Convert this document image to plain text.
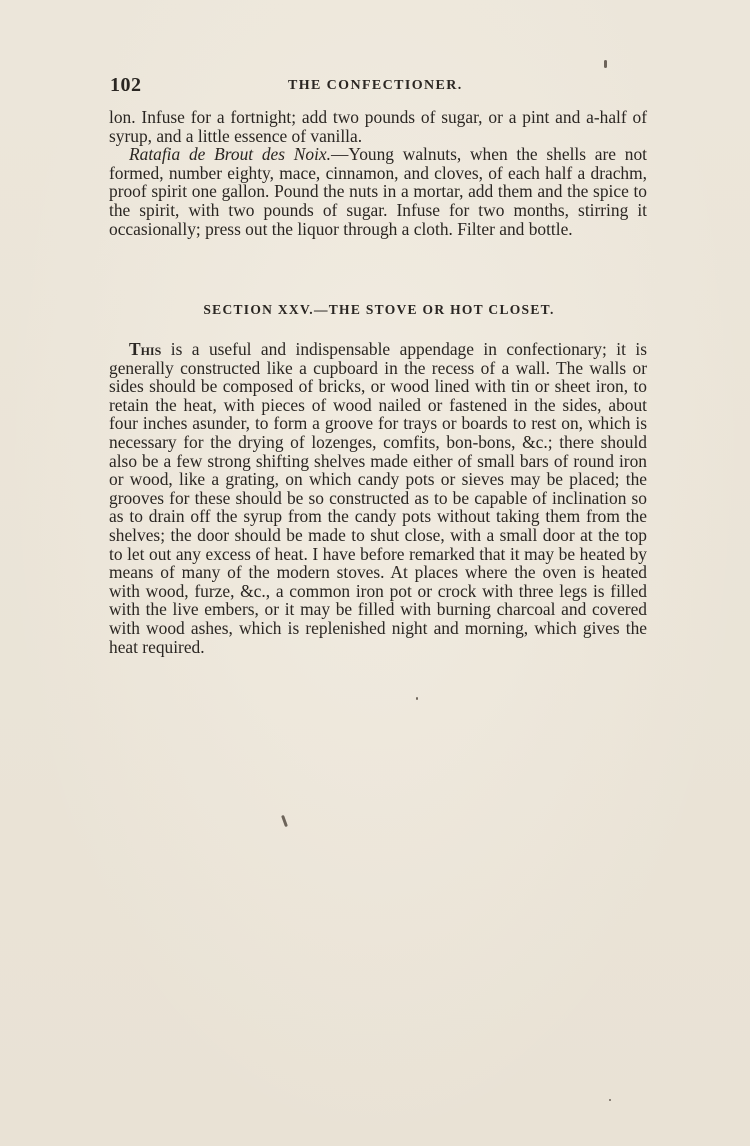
102	THE CONFECTIONER.

lon. Infuse for a fortnight; add two pounds of sugar, or a pint and a-half of syrup, and a little essence of vanilla.

Ratafia de Brout des Noix.—Young walnuts, when the shells are not formed, number eighty, mace, cinnamon, and cloves, of each half a drachm, proof spirit one gallon. Pound the nuts in a mortar, add them and the spice to the spirit, with two pounds of sugar. Infuse for two months, stirring it occasionally; press out the liquor through a cloth. Filter and bottle.

SECTION XXV.—THE STOVE OR HOT CLOSET.

This is a useful and indispensable appendage in confectionary; it is generally constructed like a cupboard in the recess of a wall. The walls or sides should be composed of bricks, or wood lined with tin or sheet iron, to retain the heat, with pieces of wood nailed or fastened in the sides, about four inches asunder, to form a groove for trays or boards to rest on, which is necessary for the drying of lozenges, comfits, bon-bons, &c.; there should also be a few strong shifting shelves made either of small bars of round iron or wood, like a grating, on which candy pots or sieves may be placed; the grooves for these should be so constructed as to be capable of inclination so as to drain off the syrup from the candy pots without taking them from the shelves; the door should be made to shut close, with a small door at the top to let out any excess of heat. I have before remarked that it may be heated by means of many of the modern stoves. At places where the oven is heated with wood, furze, &c., a common iron pot or crock with three legs is filled with the live embers, or it may be filled with burning charcoal and covered with wood ashes, which is replenished night and morning, which gives the heat required.
